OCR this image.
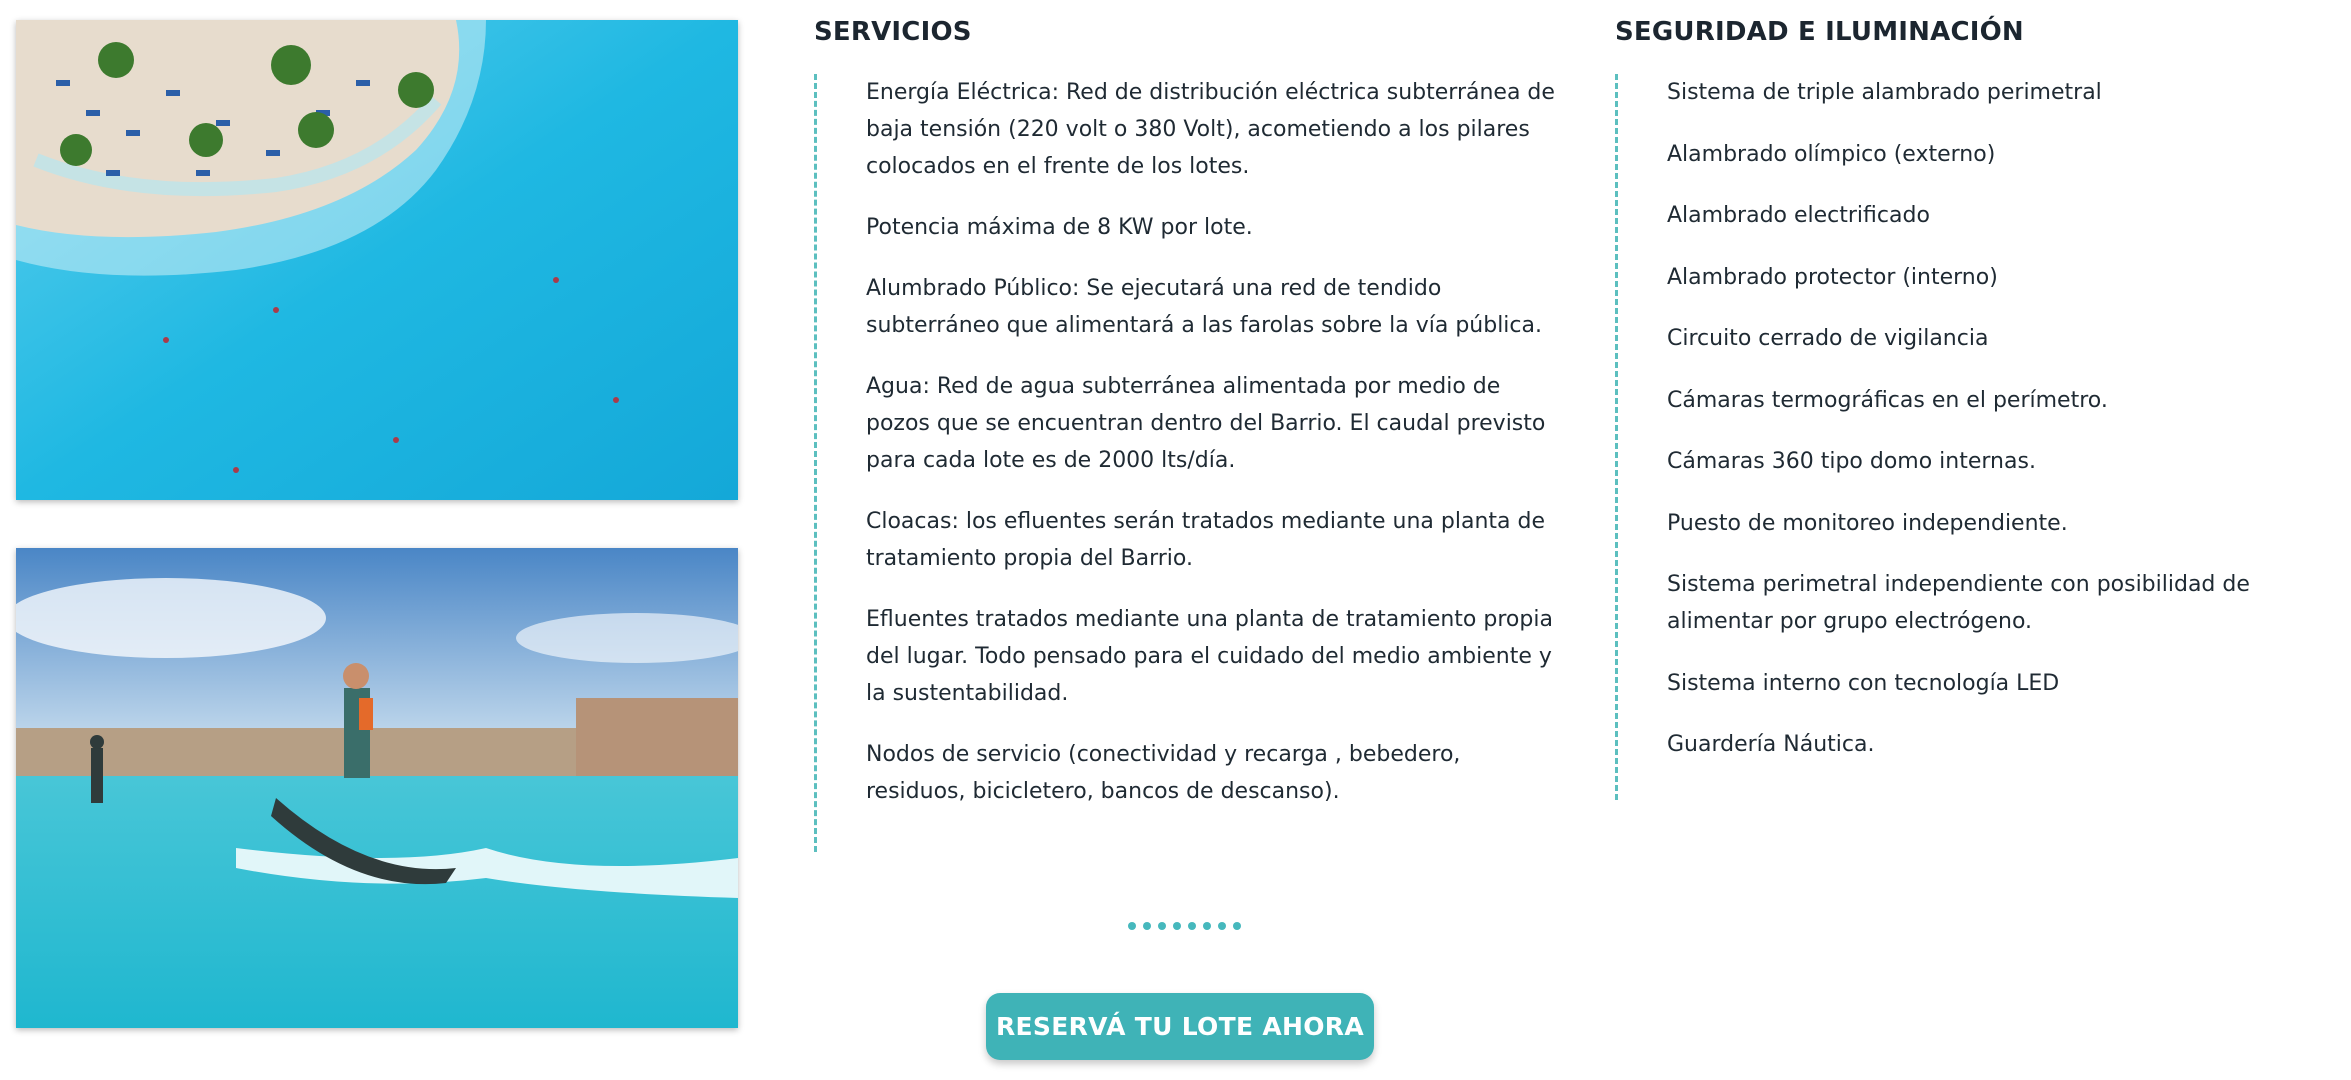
SERVICIOS

Energía Eléctrica: Red de distribución eléctrica subterránea de baja tensión (220 volt o 380 Volt), acometiendo a los pilares colocados en el frente de los lotes.

Potencia máxima de 8 KW por lote.

Alumbrado Público: Se ejecutará una red de tendido subterráneo que alimentará a las farolas sobre la vía pública.

Agua: Red de agua subterránea alimentada por medio de pozos que se encuentran dentro del Barrio. El caudal previsto para cada lote es de 2000 lts/día.

Cloacas: los efluentes serán tratados mediante una planta de tratamiento propia del Barrio.

Efluentes tratados mediante una planta de tratamiento propia del lugar. Todo pensado para el cuidado del medio ambiente y la sustentabilidad.

Nodos de servicio (conectividad y recarga , bebedero, residuos, bicicletero, bancos de descanso).

SEGURIDAD E ILUMINACIÓN

Sistema de triple alambrado perimetral

Alambrado olímpico (externo)

Alambrado electrificado

Alambrado protector (interno)

Circuito cerrado de vigilancia

Cámaras termográficas en el perímetro.

Cámaras 360 tipo domo internas.

Puesto de monitoreo independiente.

Sistema perimetral independiente con posibilidad de alimentar por grupo electrógeno.

Sistema interno con tecnología LED

Guardería Náutica.

RESERVÁ TU LOTE AHORA
